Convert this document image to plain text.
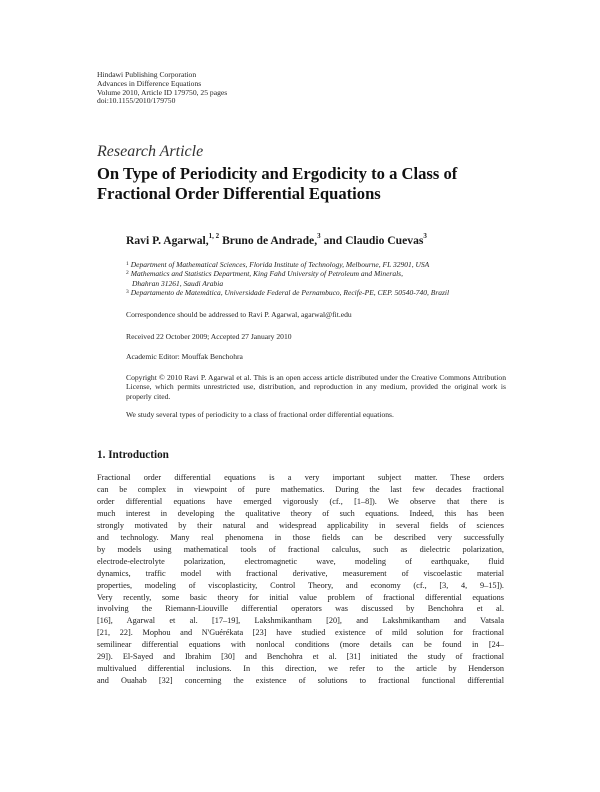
Hindawi Publishing Corporation
Advances in Difference Equations
Volume 2010, Article ID 179750, 25 pages
doi:10.1155/2010/179750
Research Article
On Type of Periodicity and Ergodicity to a Class of Fractional Order Differential Equations
Ravi P. Agarwal,$^{1, 2}$ Bruno de Andrade,$^3$ and Claudio Cuevas$^3$
$^1$ Department of Mathematical Sciences, Florida Institute of Technology, Melbourne, FL 32901, USA
$^2$ Mathematics and Statistics Department, King Fahd University of Petroleum and Minerals,
Dhahran 31261, Saudi Arabia
$^3$ Departamento de Matemática, Universidade Federal de Pernambuco, Recife-PE, CEP. 50540-740, Brazil
Correspondence should be addressed to Ravi P. Agarwal, agarwal@fit.edu
Received 22 October 2009; Accepted 27 January 2010
Academic Editor: Mouffak Benchohra
Copyright © 2010 Ravi P. Agarwal et al. This is an open access article distributed under the Creative Commons Attribution License, which permits unrestricted use, distribution, and reproduction in any medium, provided the original work is properly cited.
We study several types of periodicity to a class of fractional order differential equations.
1. Introduction
Fractional order differential equations is a very important subject matter. These orders
can be complex in viewpoint of pure mathematics. During the last few decades fractional
order differential equations have emerged vigorously (cf., [1–8]). We observe that there is
much interest in developing the qualitative theory of such equations. Indeed, this has been
strongly motivated by their natural and widespread applicability in several fields of sciences
and technology. Many real phenomena in those fields can be described very successfully
by models using mathematical tools of fractional calculus, such as dielectric polarization,
electrode-electrolyte polarization, electromagnetic wave, modeling of earthquake, fluid
dynamics, traffic model with fractional derivative, measurement of viscoelastic material
properties, modeling of viscoplasticity, Control Theory, and economy (cf., [3, 4, 9–15]).
Very recently, some basic theory for initial value problem of fractional differential equations
involving the Riemann-Liouville differential operators was discussed by Benchohra et al.
[16], Agarwal et al. [17–19], Lakshmikantham [20], and Lakshmikantham and Vatsala
[21, 22]. Mophou and N'Guérékata [23] have studied existence of mild solution for fractional
semilinear differential equations with nonlocal conditions (more details can be found in [24–
29]). El-Sayed and Ibrahim [30] and Benchohra et al. [31] initiated the study of fractional
multivalued differential inclusions. In this direction, we refer to the article by Henderson
and Ouahab [32] concerning the existence of solutions to fractional functional differential
